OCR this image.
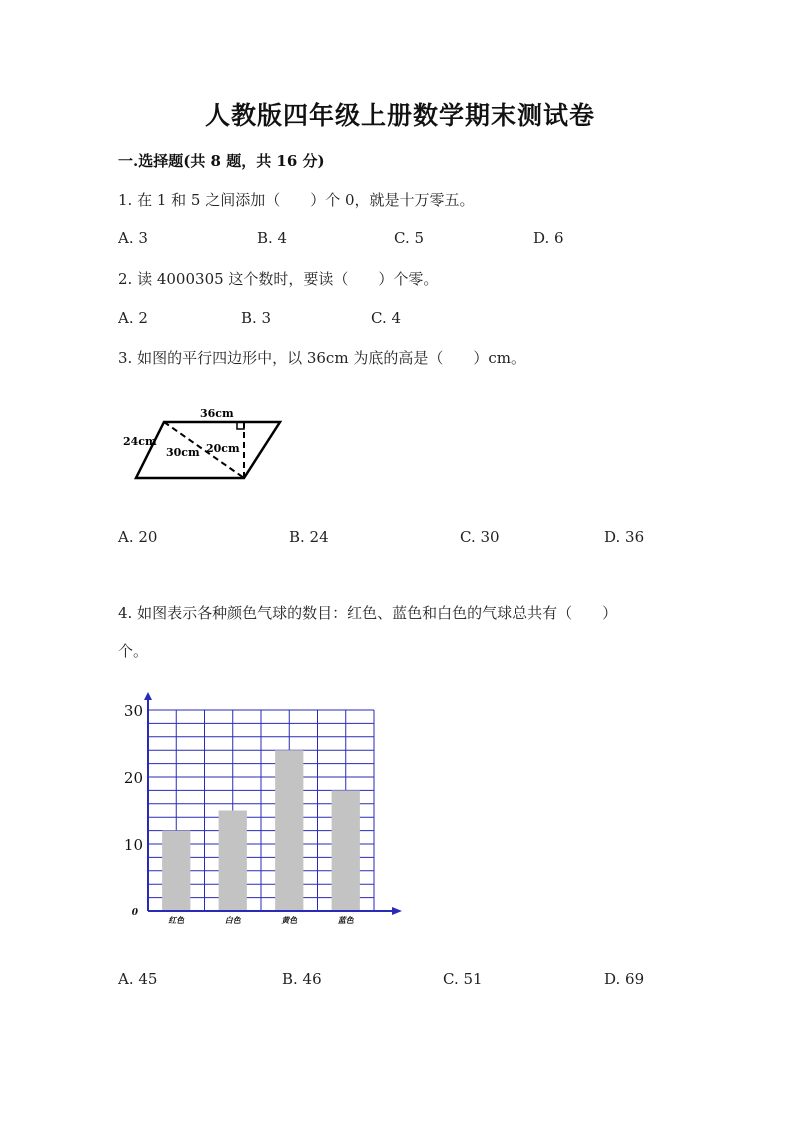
人教版四年级上册数学期末测试卷
一.选择题(共 8 题，共 16 分)
1. 在 1 和 5 之间添加（　　）个 0，就是十万零五。
A. 3	B. 4	C. 5	D. 6
2. 读 4000305 这个数时，要读（　　）个零。
A. 2	B. 3	C. 4
3. 如图的平行四边形中，以 36cm 为底的高是（　　）cm。
36cm
24cm
30cm 20cm
A. 20	B. 24	C. 30	D. 36
4. 如图表示各种颜色气球的数目：红色、蓝色和白色的气球总共有（　　）
个。
0
10
20
30
红色	白色	黄色	蓝色
A. 45	B. 46	C. 51	D. 69
